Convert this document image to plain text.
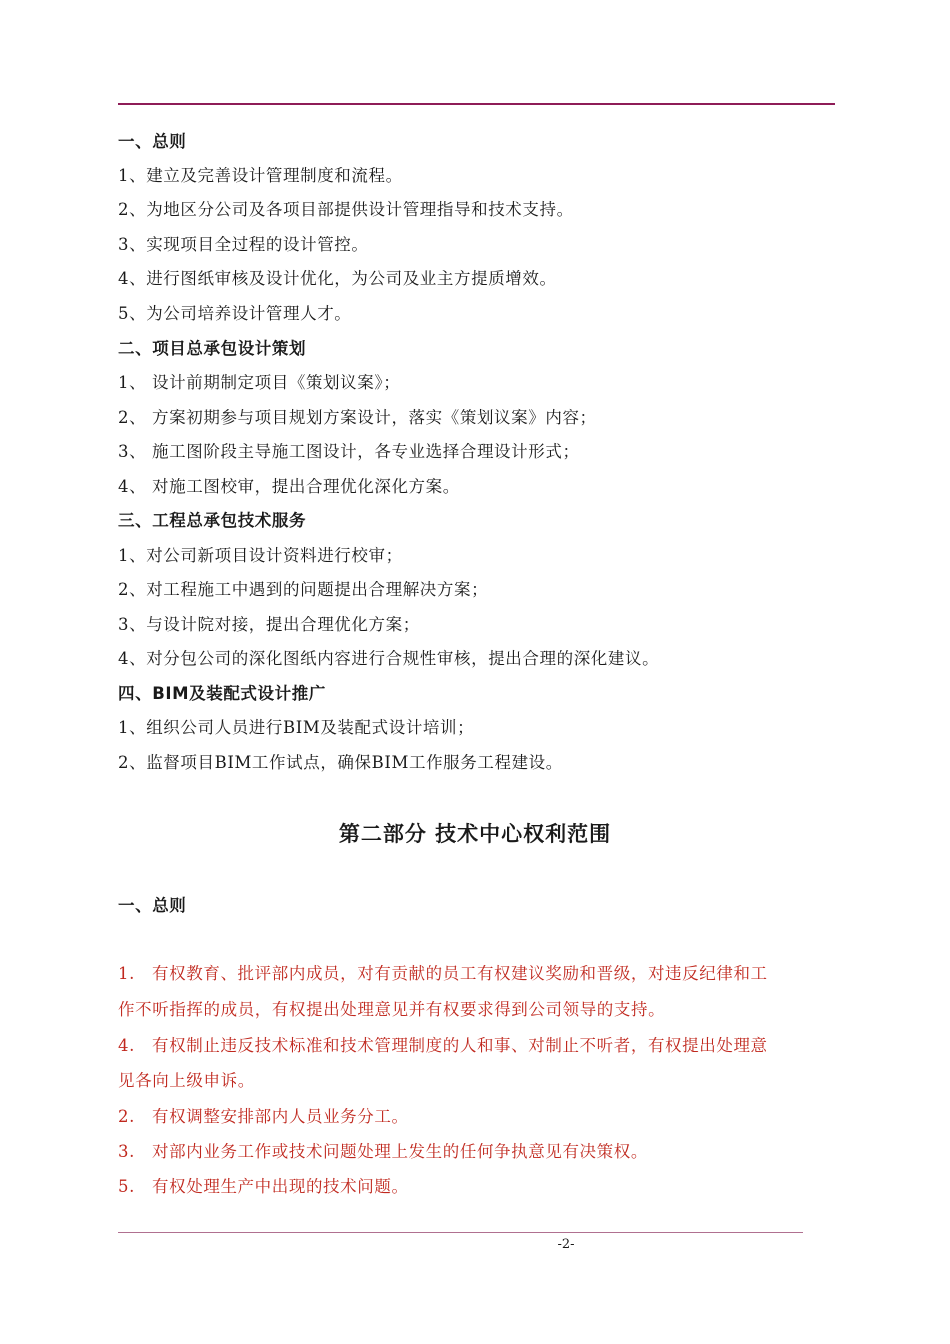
一、总则
1、建立及完善设计管理制度和流程。
2、为地区分公司及各项目部提供设计管理指导和技术支持。
3、实现项目全过程的设计管控。
4、进行图纸审核及设计优化，为公司及业主方提质增效。
5、为公司培养设计管理人才。
二、项目总承包设计策划
1、 设计前期制定项目《策划议案》；
2、 方案初期参与项目规划方案设计，落实《策划议案》内容；
3、 施工图阶段主导施工图设计，各专业选择合理设计形式；
4、 对施工图校审，提出合理优化深化方案。
三、工程总承包技术服务
1、对公司新项目设计资料进行校审；
2、对工程施工中遇到的问题提出合理解决方案；
3、与设计院对接，提出合理优化方案；
4、对分包公司的深化图纸内容进行合规性审核，提出合理的深化建议。
四、BIM及装配式设计推广
1、组织公司人员进行BIM及装配式设计培训；
2、监督项目BIM工作试点，确保BIM工作服务工程建设。
第二部分 技术中心权利范围
一、总则
1.　有权教育、批评部内成员，对有贡献的员工有权建议奖励和晋级，对违反纪律和工
作不听指挥的成员，有权提出处理意见并有权要求得到公司领导的支持。
4.　有权制止违反技术标准和技术管理制度的人和事、对制止不听者，有权提出处理意
见各向上级申诉。
2.　有权调整安排部内人员业务分工。
3.　对部内业务工作或技术问题处理上发生的任何争执意见有决策权。
5.　有权处理生产中出现的技术问题。
-2-
